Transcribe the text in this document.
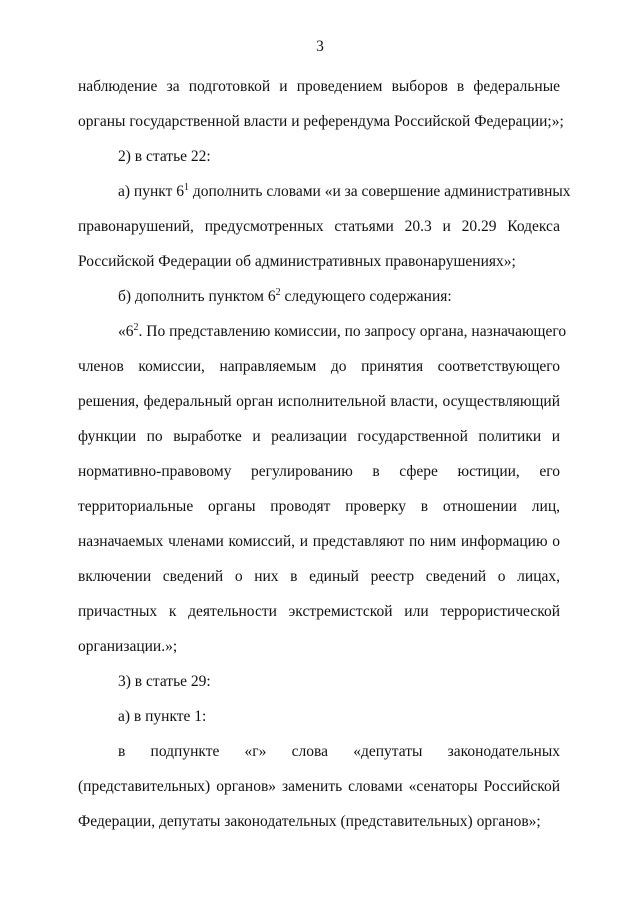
3
наблюдение за подготовкой и проведением выборов в федеральные
органы государственной власти и референдума Российской Федерации;»;
2) в статье 22:
а) пункт $6^1$ дополнить словами «и за совершение административных
правонарушений, предусмотренных статьями 20.3 и 20.29 Кодекса
Российской Федерации об административных правонарушениях»;
б) дополнить пунктом $6^2$ следующего содержания:
«$6^2$. По представлению комиссии, по запросу органа, назначающего
членов комиссии, направляемым до принятия соответствующего
решения, федеральный орган исполнительной власти, осуществляющий
функции по выработке и реализации государственной политики и
нормативно-правовому регулированию в сфере юстиции, его
территориальные органы проводят проверку в отношении лиц,
назначаемых членами комиссий, и представляют по ним информацию о
включении сведений о них в единый реестр сведений о лицах,
причастных к деятельности экстремистской или террористической
организации.»;
3) в статье 29:
а) в пункте 1:
в подпункте «г» слова «депутаты законодательных
(представительных) органов» заменить словами «сенаторы Российской
Федерации, депутаты законодательных (представительных) органов»;
